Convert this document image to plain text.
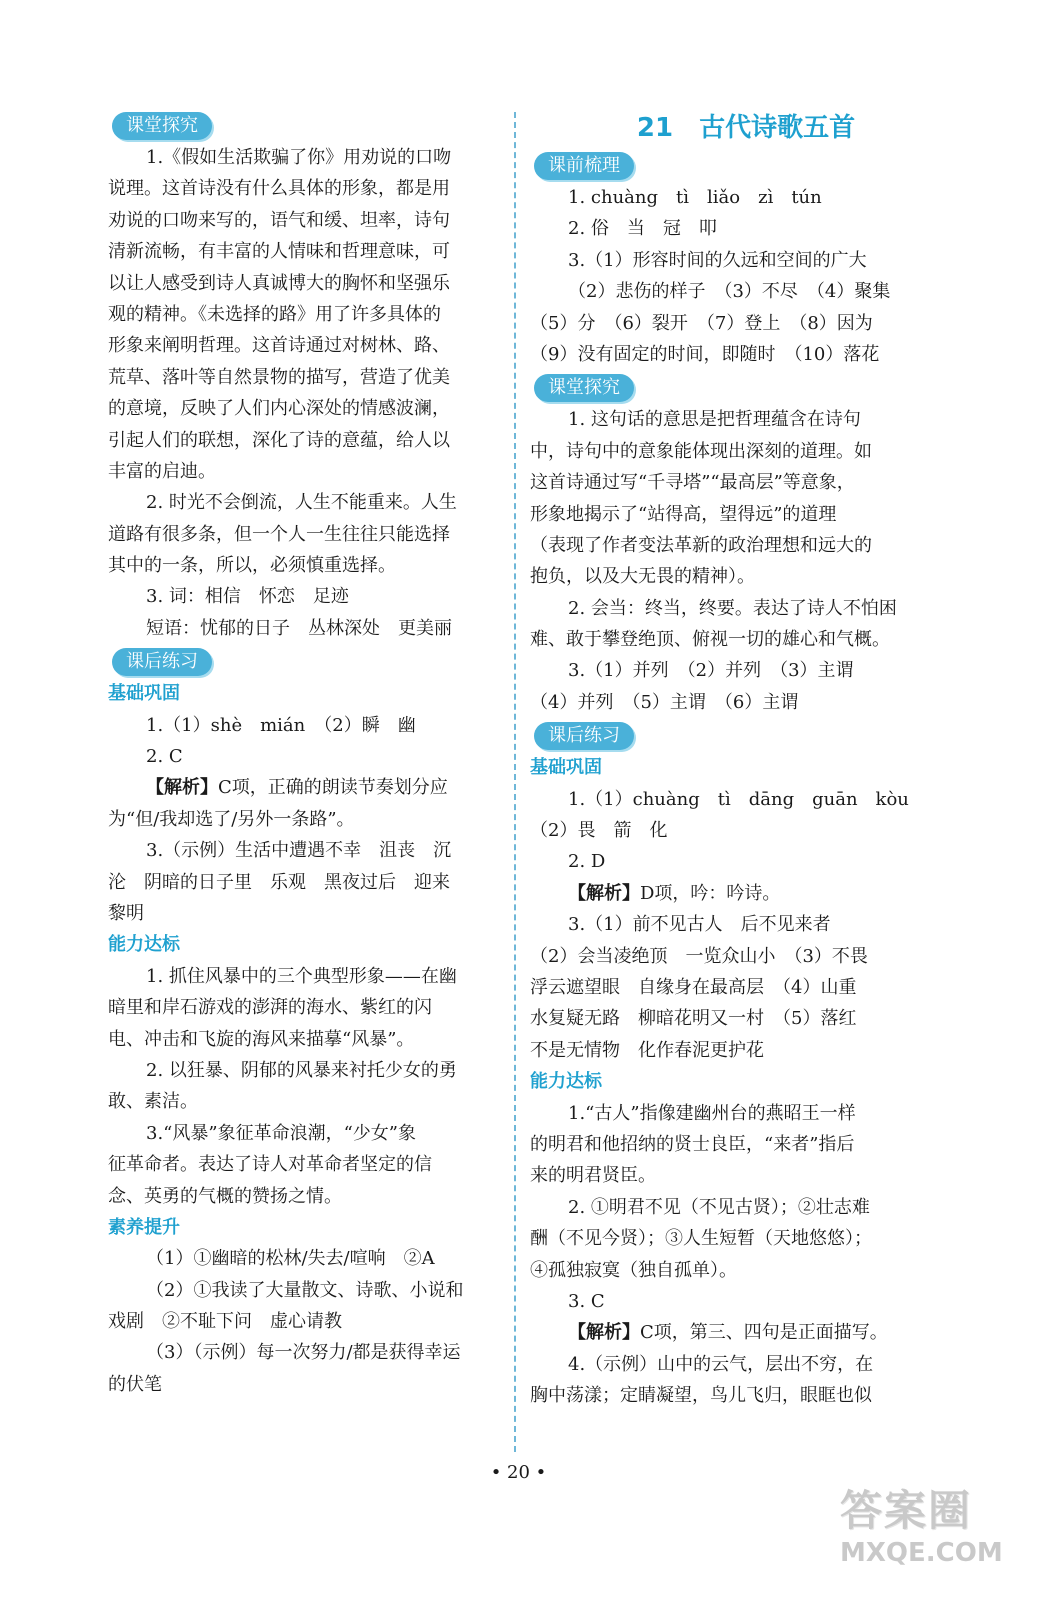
课堂探究
1.《假如生活欺骗了你》用劝说的口吻
说理。这首诗没有什么具体的形象，都是用
劝说的口吻来写的，语气和缓、坦率，诗句
清新流畅，有丰富的人情味和哲理意味，可
以让人感受到诗人真诚博大的胸怀和坚强乐
观的精神。《未选择的路》用了许多具体的
形象来阐明哲理。这首诗通过对树林、路、
荒草、落叶等自然景物的描写，营造了优美
的意境，反映了人们内心深处的情感波澜，
引起人们的联想，深化了诗的意蕴，给人以
丰富的启迪。
2. 时光不会倒流，人生不能重来。人生
道路有很多条，但一个人一生往往只能选择
其中的一条，所以，必须慎重选择。
3. 词：相信　怀恋　足迹
短语：忧郁的日子　丛林深处　更美丽
课后练习
基础巩固
1.（1）shè　mián　（2）瞬　幽
2. C
【解析】C项，正确的朗读节奏划分应
为“但/我却选了/另外一条路”。
3.（示例）生活中遭遇不幸　沮丧　沉
沦　阴暗的日子里　乐观　黑夜过后　迎来
黎明
能力达标
1. 抓住风暴中的三个典型形象——在幽
暗里和岸石游戏的澎湃的海水、紫红的闪
电、冲击和飞旋的海风来描摹“风暴”。
2. 以狂暴、阴郁的风暴来衬托少女的勇
敢、素洁。
3.“风暴”象征革命浪潮，“少女”象
征革命者。表达了诗人对革命者坚定的信
念、英勇的气概的赞扬之情。
素养提升
（1）①幽暗的松林/失去/喧响　②A
（2）①我读了大量散文、诗歌、小说和
戏剧　②不耻下问　虚心请教
（3）（示例）每一次努力/都是获得幸运
的伏笔
21　古代诗歌五首
课前梳理
1. chuàng　tì　liǎo　zì　tún
2. 俗　当　冠　叩
3.（1）形容时间的久远和空间的广大
（2）悲伤的样子　（3）不尽　（4）聚集
（5）分　（6）裂开　（7）登上　（8）因为
（9）没有固定的时间，即随时　（10）落花
课堂探究
1. 这句话的意思是把哲理蕴含在诗句
中，诗句中的意象能体现出深刻的道理。如
这首诗通过写“千寻塔”“最高层”等意象，
形象地揭示了“站得高，望得远”的道理
（表现了作者变法革新的政治理想和远大的
抱负，以及大无畏的精神）。
2. 会当：终当，终要。表达了诗人不怕困
难、敢于攀登绝顶、俯视一切的雄心和气概。
3.（1）并列　（2）并列　（3）主谓
（4）并列　（5）主谓　（6）主谓
课后练习
基础巩固
1.（1）chuàng　tì　dāng　guān　kòu
（2）畏　箭　化
2. D
【解析】D项，吟：吟诗。
3.（1）前不见古人　后不见来者
（2）会当凌绝顶　一览众山小　（3）不畏
浮云遮望眼　自缘身在最高层　（4）山重
水复疑无路　柳暗花明又一村　（5）落红
不是无情物　化作春泥更护花
能力达标
1.“古人”指像建幽州台的燕昭王一样
的明君和他招纳的贤士良臣，“来者”指后
来的明君贤臣。
2. ①明君不见（不见古贤）；②壮志难
酬（不见今贤）；③人生短暂（天地悠悠）；
④孤独寂寞（独自孤单）。
3. C
【解析】C项，第三、四句是正面描写。
4.（示例）山中的云气，层出不穷，在
胸中荡漾；定睛凝望，鸟儿飞归，眼眶也似
• 20 •
答案圈
MXQE.COM
